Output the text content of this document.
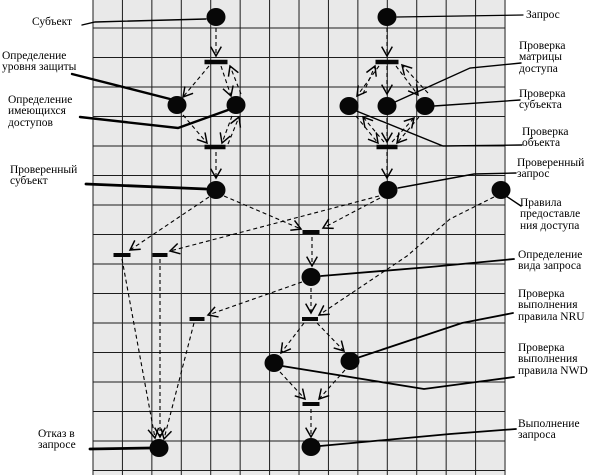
Субъект
Определение
уровня защиты
Определение
имеющихся
доступов
Проверенный
субъект
Отказ в
запросе
Запрос
Проверка
матрицы
доступа
Проверка
субъекта
Проверка
объекта
Проверенный
запрос
Правила
предоставле
ния доступа
Определение
вида запроса
Проверка
выполнения
правила NRU
Проверка
выполнения
правила NWD
Выполнение
запроса
